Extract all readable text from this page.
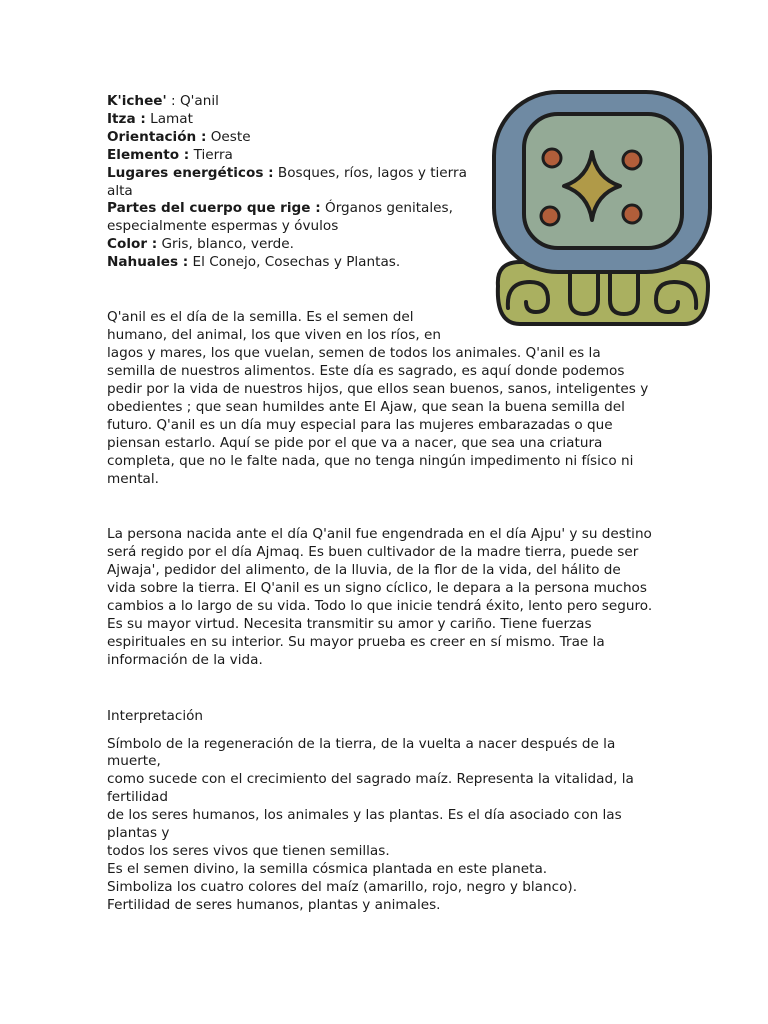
K'ichee' : Q'anil
Itza : Lamat
Orientación : Oeste
Elemento : Tierra
Lugares energéticos : Bosques, ríos, lagos y tierra
alta
Partes del cuerpo que rige : Órganos genitales,
especialmente espermas y óvulos
Color : Gris, blanco, verde.
Nahuales : El Conejo, Cosechas y Plantas.
Q'anil es el día de la semilla. Es el semen del
humano, del animal, los que viven en los ríos, en
lagos y mares, los que vuelan, semen de todos los animales. Q'anil es la
semilla de nuestros alimentos. Este día es sagrado, es aquí donde podemos
pedir por la vida de nuestros hijos, que ellos sean buenos, sanos, inteligentes y
obedientes ; que sean humildes ante El Ajaw, que sean la buena semilla del
futuro. Q'anil es un día muy especial para las mujeres embarazadas o que
piensan estarlo. Aquí se pide por el que va a nacer, que sea una criatura
completa, que no le falte nada, que no tenga ningún impedimento ni físico ni
mental.
La persona nacida ante el día Q'anil fue engendrada en el día Ajpu' y su destino
será regido por el día Ajmaq. Es buen cultivador de la madre tierra, puede ser
Ajwaja', pedidor del alimento, de la lluvia, de la flor de la vida, del hálito de
vida sobre la tierra. El Q'anil es un signo cíclico, le depara a la persona muchos
cambios a lo largo de su vida. Todo lo que inicie tendrá éxito, lento pero seguro.
Es su mayor virtud. Necesita transmitir su amor y cariño. Tiene fuerzas
espirituales en su interior. Su mayor prueba es creer en sí mismo. Trae la
información de la vida.
Interpretación
Símbolo de la regeneración de la tierra, de la vuelta a nacer después de la
muerte,
como sucede con el crecimiento del sagrado maíz. Representa la vitalidad, la
fertilidad
de los seres humanos, los animales y las plantas. Es el día asociado con las
plantas y
todos los seres vivos que tienen semillas.
Es el semen divino, la semilla cósmica plantada en este planeta.
Simboliza los cuatro colores del maíz (amarillo, rojo, negro y blanco).
Fertilidad de seres humanos, plantas y animales.
